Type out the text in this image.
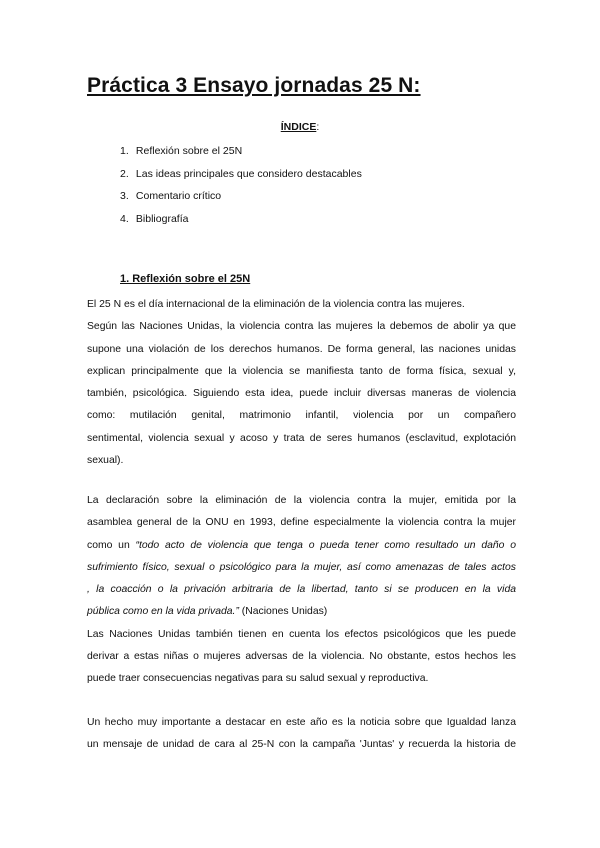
Práctica 3 Ensayo jornadas 25 N:
ÍNDICE:
1. Reflexión sobre el 25N
2. Las ideas principales que considero destacables
3. Comentario crítico
4. Bibliografía
1. Reflexión sobre el 25N
El 25 N es el día internacional de la eliminación de la violencia contra las mujeres.
Según las Naciones Unidas, la violencia contra las mujeres la debemos de abolir ya que
supone una violación de los derechos humanos. De forma general, las naciones unidas
explican principalmente que la violencia se manifiesta tanto de forma física, sexual y,
también, psicológica. Siguiendo esta idea, puede incluir diversas maneras de violencia
como: mutilación genital, matrimonio infantil, violencia por un compañero
sentimental, violencia sexual y acoso y trata de seres humanos (esclavitud, explotación
sexual).
La declaración sobre la eliminación de la violencia contra la mujer, emitida por la
asamblea general de la ONU en 1993, define especialmente la violencia contra la mujer
como un “todo acto de violencia que tenga o pueda tener como resultado un daño o
sufrimiento físico, sexual o psicológico para la mujer, así como amenazas de tales actos
, la coacción o la privación arbitraria de la libertad, tanto si se producen en la vida
pública como en la vida privada.” (Naciones Unidas)
Las Naciones Unidas también tienen en cuenta los efectos psicológicos que les puede
derivar a estas niñas o mujeres adversas de la violencia. No obstante, estos hechos les
puede traer consecuencias negativas para su salud sexual y reproductiva.
Un hecho muy importante a destacar en este año es la noticia sobre que Igualdad lanza
un mensaje de unidad de cara al 25-N con la campaña 'Juntas' y recuerda la historia de
